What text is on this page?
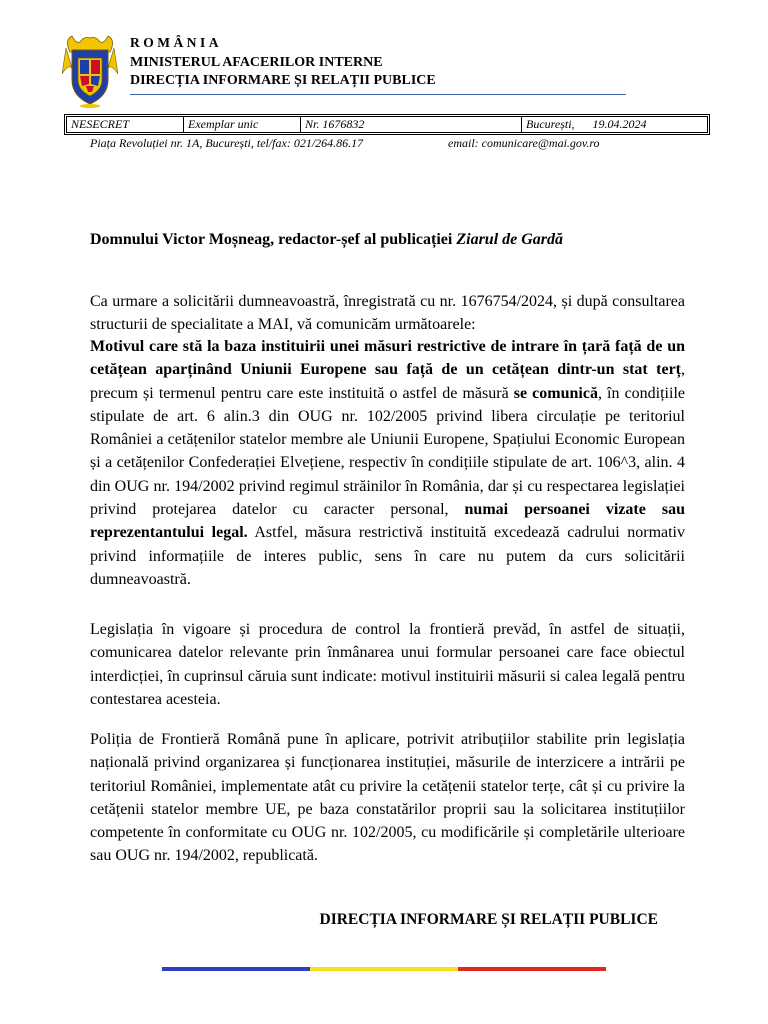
ROMÂNIA
MINISTERUL AFACERILOR INTERNE
DIRECȚIA INFORMARE ȘI RELAȚII PUBLICE
NESECRET	Exemplar unic	Nr. 1676832	București, 19.04.2024
Piața Revoluției nr. 1A, București, tel/fax: 021/264.86.17	email: comunicare@mai.gov.ro
Domnului Victor Moșneag, redactor-șef al publicației Ziarul de Gardă

Ca urmare a solicitării dumneavoastră, înregistrată cu nr. 1676754/2024, și după consultarea structurii de specialitate a MAI, vă comunicăm următoarele:

Motivul care stă la baza instituirii unei măsuri restrictive de intrare în țară față de un cetățean aparținând Uniunii Europene sau față de un cetățean dintr-un stat terț, precum și termenul pentru care este instituită o astfel de măsură se comunică, în condițiile stipulate de art. 6 alin.3 din OUG nr. 102/2005 privind libera circulație pe teritoriul României a cetățenilor statelor membre ale Uniunii Europene, Spațiului Economic European și a cetățenilor Confederației Elvețiene, respectiv în condițiile stipulate de art. 106^3, alin. 4 din OUG nr. 194/2002 privind regimul străinilor în România, dar și cu respectarea legislației privind protejarea datelor cu caracter personal, numai persoanei vizate sau reprezentantului legal. Astfel, măsura restrictivă instituită excedează cadrului normativ privind informațiile de interes public, sens în care nu putem da curs solicitării dumneavoastră.

Legislația în vigoare și procedura de control la frontieră prevăd, în astfel de situații, comunicarea datelor relevante prin înmânarea unui formular persoanei care face obiectul interdicției, în cuprinsul căruia sunt indicate: motivul instituirii măsurii si calea legală pentru contestarea acesteia.

Poliția de Frontieră Română pune în aplicare, potrivit atribuțiilor stabilite prin legislația națională privind organizarea și funcționarea instituției, măsurile de interzicere a intrării pe teritoriul României, implementate atât cu privire la cetățenii statelor terțe, cât și cu privire la cetățenii statelor membre UE, pe baza constatărilor proprii sau la solicitarea instituțiilor competente în conformitate cu OUG nr. 102/2005, cu modificările și completările ulterioare sau OUG nr. 194/2002, republicată.

DIRECȚIA INFORMARE ȘI RELAȚII PUBLICE
